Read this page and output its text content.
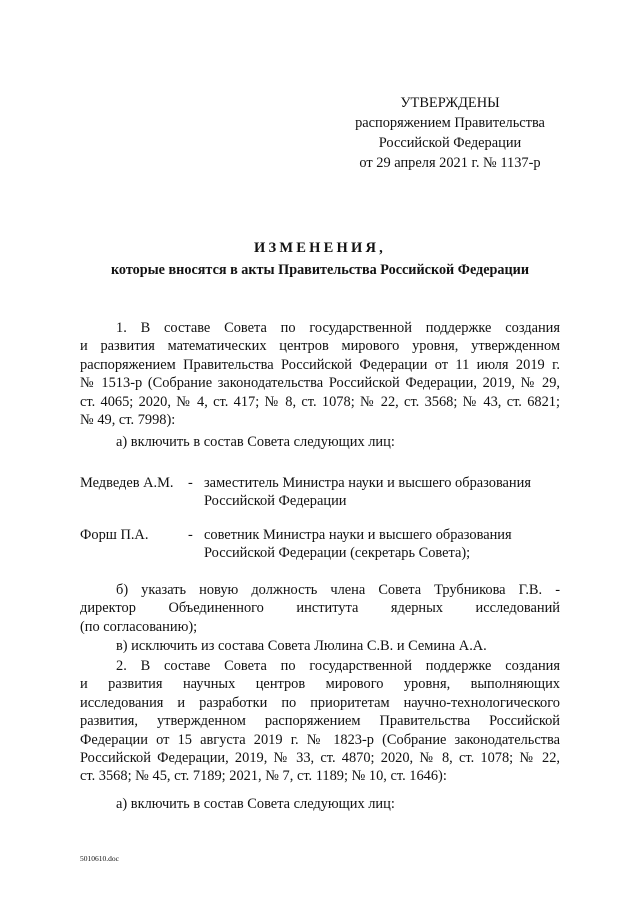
УТВЕРЖДЕНЫ
распоряжением Правительства
Российской Федерации
от 29 апреля 2021 г. № 1137-р
ИЗМЕНЕНИЯ,
которые вносятся в акты Правительства Российской Федерации
1. В составе Совета по государственной поддержке создания
и развития математических центров мирового уровня, утвержденном
распоряжением Правительства Российской Федерации от 11 июля 2019 г.
№ 1513-р (Собрание законодательства Российской Федерации, 2019, № 29,
ст. 4065; 2020, № 4, ст. 417; № 8, ст. 1078; № 22, ст. 3568; № 43, ст. 6821;
№ 49, ст. 7998):
а) включить в состав Совета следующих лиц:
Медведев А.М. - заместитель Министра науки и высшего образования
Российской Федерации
Форш П.А.	- советник Министра науки и высшего образования
Российской Федерации (секретарь Совета);
б) указать новую должность члена Совета Трубникова Г.В. -
директор Объединенного института ядерных исследований
(по согласованию);
в) исключить из состава Совета Люлина С.В. и Семина А.А.
2. В составе Совета по государственной поддержке создания
и развития научных центров мирового уровня, выполняющих
исследования и разработки по приоритетам научно-технологического
развития, утвержденном распоряжением Правительства Российской
Федерации от 15 августа 2019 г. № 1823-р (Собрание законодательства
Российской Федерации, 2019, № 33, ст. 4870; 2020, № 8, ст. 1078; № 22,
ст. 3568; № 45, ст. 7189; 2021, № 7, ст. 1189; № 10, ст. 1646):
а) включить в состав Совета следующих лиц:
5010610.doc
